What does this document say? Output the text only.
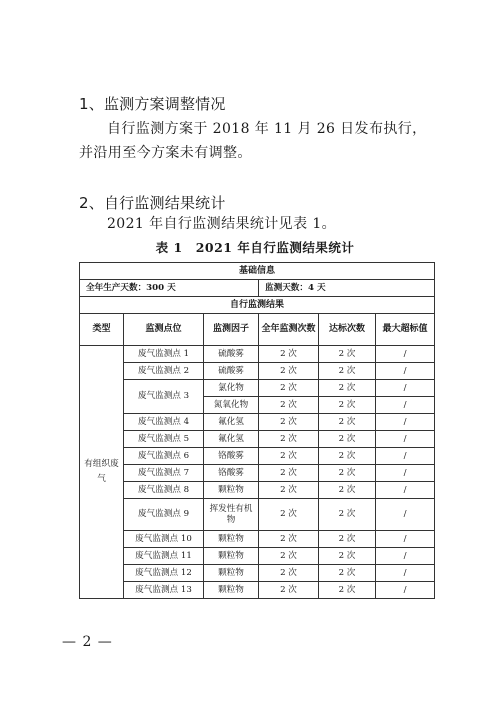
1、监测方案调整情况
自行监测方案于 2018 年 11 月 26 日发布执行，并沿用至今方案未有调整。
2、自行监测结果统计
2021 年自行监测结果统计见表 1。
表 1　2021 年自行监测结果统计
基础信息					
全年生产天数：300 天			监测天数：4 天		
自行监测结果					
类型	监测点位	监测因子	全年监测次数	达标次数	最大超标值
有组织废气	废气监测点 1	硫酸雾	2 次	2 次	/
	废气监测点 2	硫酸雾	2 次	2 次	/
	废气监测点 3	氯化物	2 次	2 次	/
		氮氧化物	2 次	2 次	/
	废气监测点 4	氟化氢	2 次	2 次	/
	废气监测点 5	氟化氢	2 次	2 次	/
	废气监测点 6	铬酸雾	2 次	2 次	/
	废气监测点 7	铬酸雾	2 次	2 次	/
	废气监测点 8	颗粒物	2 次	2 次	/
	废气监测点 9	挥发性有机物	2 次	2 次	/
	废气监测点 10	颗粒物	2 次	2 次	/
	废气监测点 11	颗粒物	2 次	2 次	/
	废气监测点 12	颗粒物	2 次	2 次	/
	废气监测点 13	颗粒物	2 次	2 次	/
— 2 —
